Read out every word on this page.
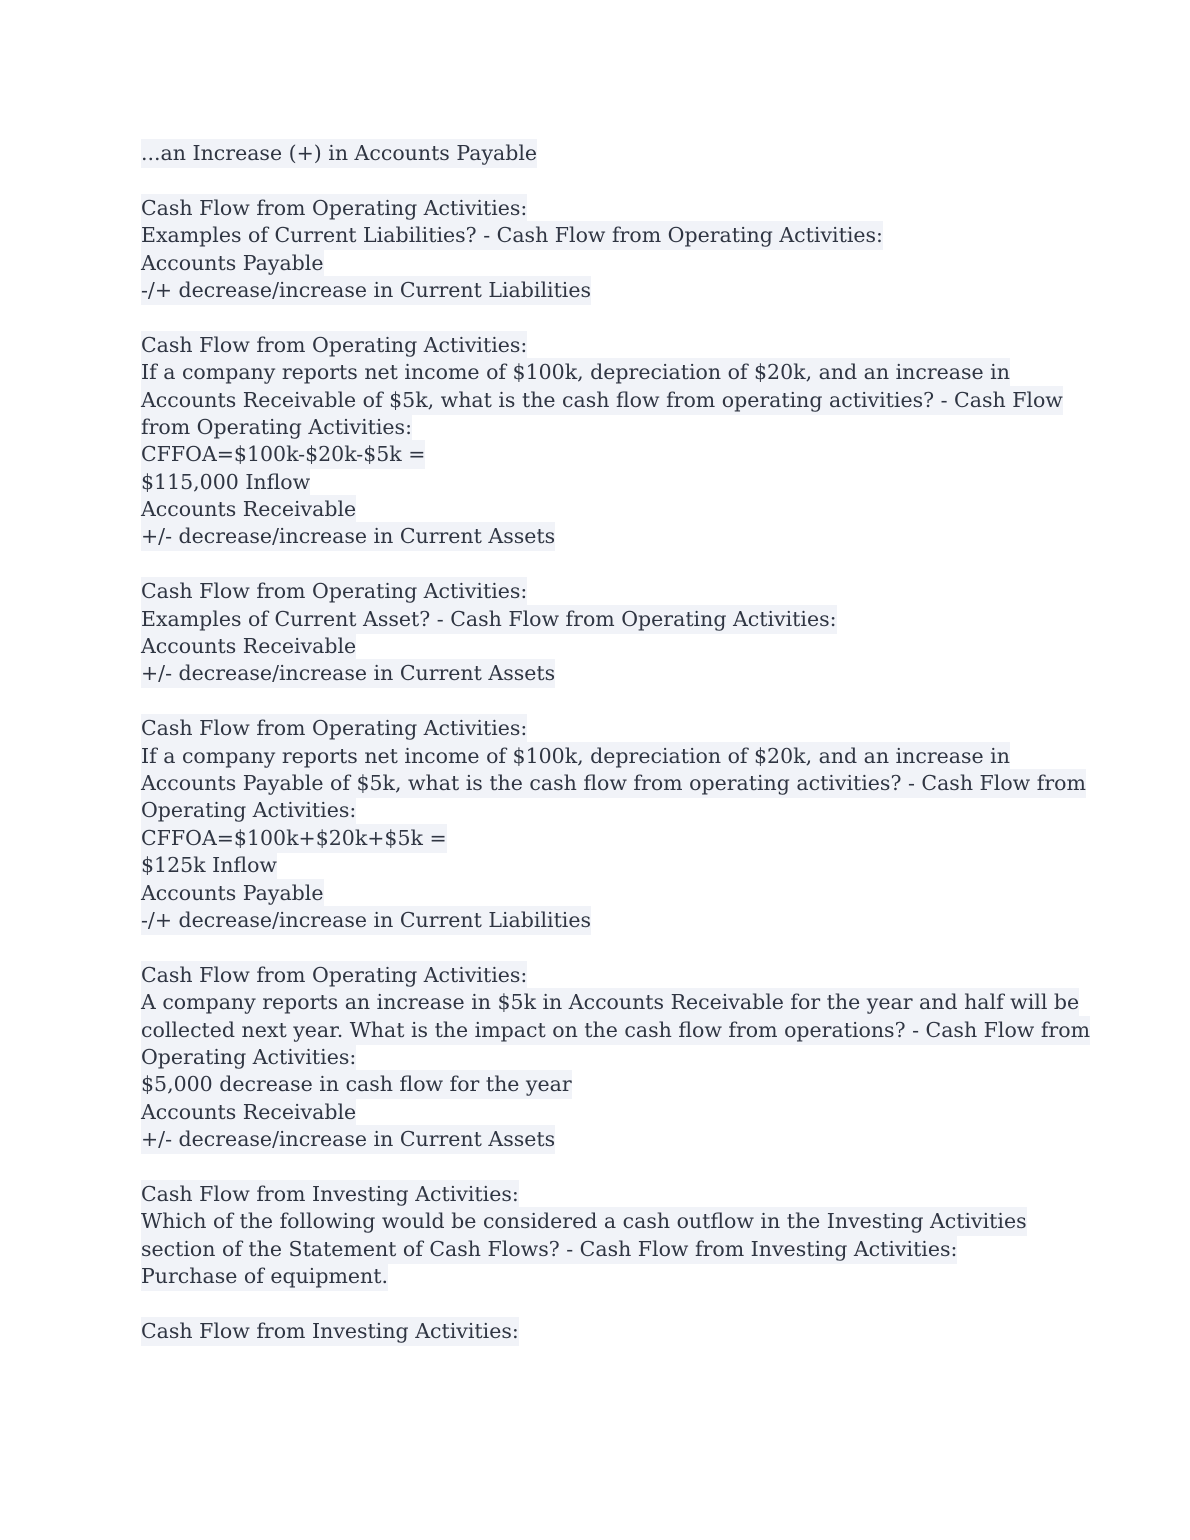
...an Increase (+) in Accounts Payable
Cash Flow from Operating Activities:
Examples of Current Liabilities? - Cash Flow from Operating Activities:
Accounts Payable
-/+ decrease/increase in Current Liabilities
Cash Flow from Operating Activities:
If a company reports net income of $100k, depreciation of $20k, and an increase in
Accounts Receivable of $5k, what is the cash flow from operating activities? - Cash Flow
from Operating Activities:
CFFOA=$100k-$20k-$5k =
$115,000 Inflow
Accounts Receivable
+/- decrease/increase in Current Assets
Cash Flow from Operating Activities:
Examples of Current Asset? - Cash Flow from Operating Activities:
Accounts Receivable
+/- decrease/increase in Current Assets
Cash Flow from Operating Activities:
If a company reports net income of $100k, depreciation of $20k, and an increase in
Accounts Payable of $5k, what is the cash flow from operating activities? - Cash Flow from
Operating Activities:
CFFOA=$100k+$20k+$5k =
$125k Inflow
Accounts Payable
-/+ decrease/increase in Current Liabilities
Cash Flow from Operating Activities:
A company reports an increase in $5k in Accounts Receivable for the year and half will be
collected next year. What is the impact on the cash flow from operations? - Cash Flow from
Operating Activities:
$5,000 decrease in cash flow for the year
Accounts Receivable
+/- decrease/increase in Current Assets
Cash Flow from Investing Activities:
Which of the following would be considered a cash outflow in the Investing Activities
section of the Statement of Cash Flows? - Cash Flow from Investing Activities:
Purchase of equipment.
Cash Flow from Investing Activities:
